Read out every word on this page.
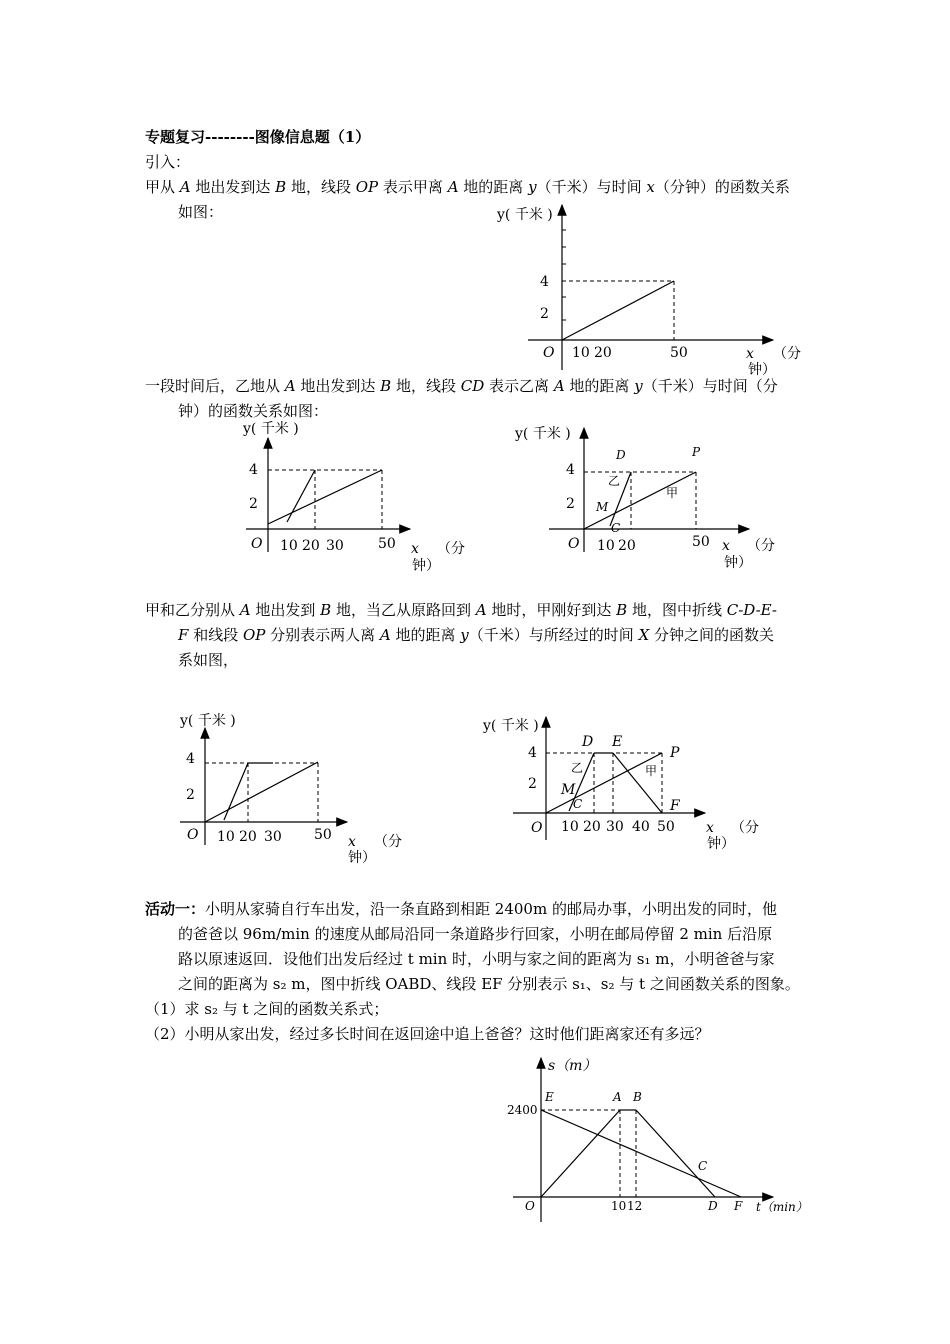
专题复习--------图像信息题（1）
引入：
甲从 A 地出发到达 B 地，线段 OP 表示甲离 A 地的距离 y（千米）与时间 x（分钟）的函数关系
如图：
一段时间后，乙地从 A 地出发到达 B 地，线段 CD 表示乙离 A 地的距离 y（千米）与时间（分
钟）的函数关系如图：
甲和乙分别从 A 地出发到 B 地，当乙从原路回到 A 地时，甲刚好到达 B 地，图中折线 C-D-E-
F 和线段 OP 分别表示两人离 A 地的距离 y（千米）与所经过的时间 X 分钟之间的函数关
系如图，
活动一：小明从家骑自行车出发，沿一条直路到相距 2400m 的邮局办事，小明出发的同时，他
的爸爸以 96m/min 的速度从邮局沿同一条道路步行回家，小明在邮局停留 2 min 后沿原
路以原速返回．设他们出发后经过 t min 时，小明与家之间的距离为 s₁ m，小明爸爸与家
之间的距离为 s₂ m，图中折线 OABD、线段 EF 分别表示 s₁、s₂ 与 t 之间函数关系的图象。
（1）求 s₂ 与 t 之间的函数关系式；
（2）小明从家出发，经过多长时间在返回途中追上爸爸？这时他们距离家还有多远？
y( 千米 )
4
2
O 10 20	50	x （分
钟）
y( 千米 )
4
2
O 10 20 30 50 x （分
钟）
y( 千米 )
4
2
O 10 20	50
D	P
乙
甲
M
C
x （分
钟）
y( 千米 )
4
2
O 10 20 30 50 x （分
钟）
y( 千米 )
4
2
O 10 20 30 40 50
D E
P
F
乙	甲
M
C
x （分
钟）
s（m）
2400
E	A B
C
O	10 12	D F t（min）
